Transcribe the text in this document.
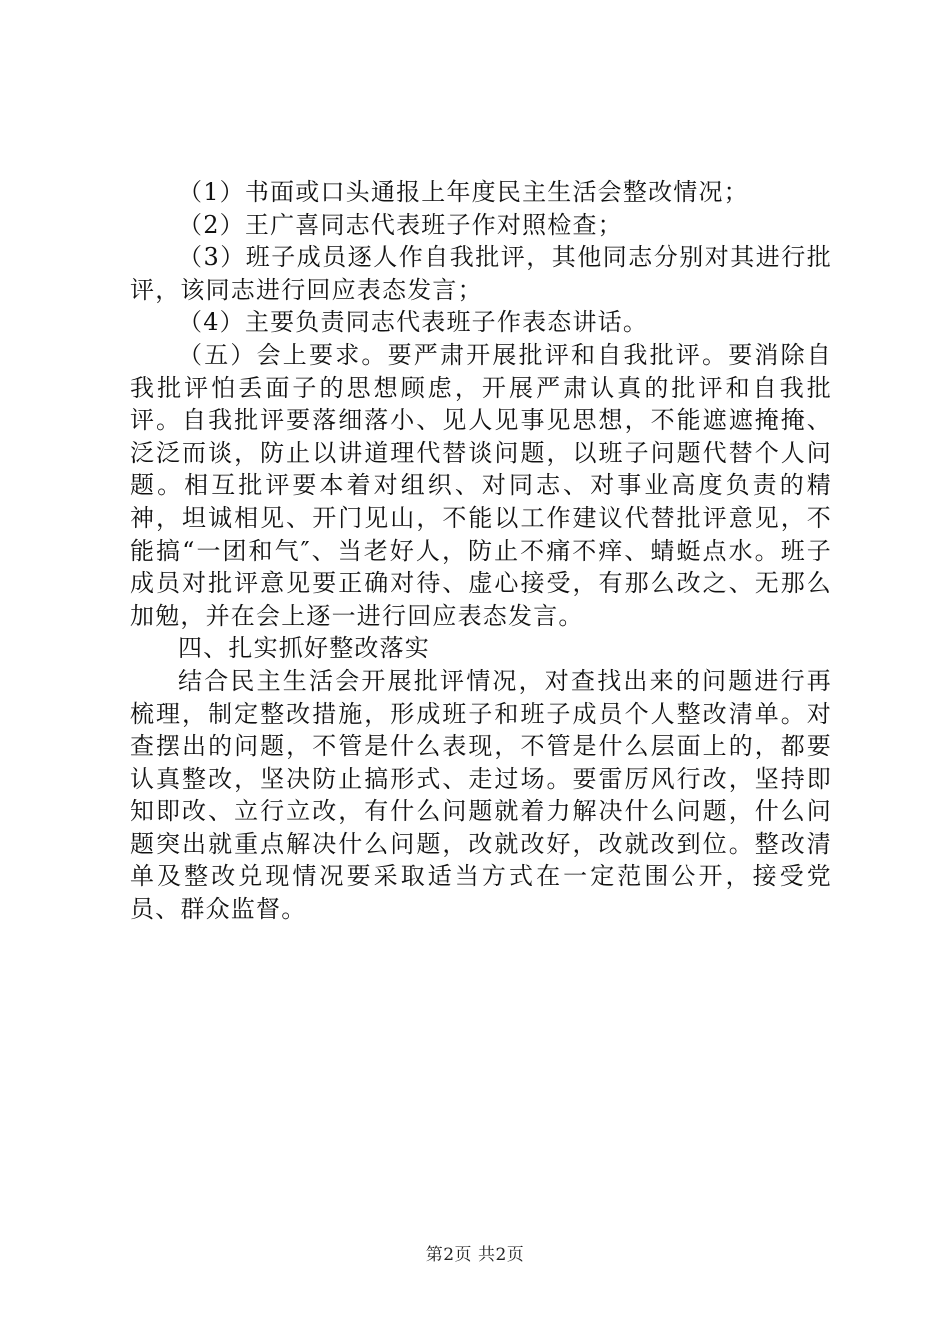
（1）书面或口头通报上年度民主生活会整改情况；

（2）王广喜同志代表班子作对照检查；

（3）班子成员逐人作自我批评，其他同志分别对其进行批评，该同志进行回应表态发言；

（4）主要负责同志代表班子作表态讲话。

（五）会上要求。要严肃开展批评和自我批评。要消除自我批评怕丢面子的思想顾虑，开展严肃认真的批评和自我批评。自我批评要落细落小、见人见事见思想，不能遮遮掩掩、泛泛而谈，防止以讲道理代替谈问题，以班子问题代替个人问题。相互批评要本着对组织、对同志、对事业高度负责的精神，坦诚相见、开门见山，不能以工作建议代替批评意见，不能搞“一团和气″、当老好人，防止不痛不痒、蜻蜓点水。班子成员对批评意见要正确对待、虚心接受，有那么改之、无那么加勉，并在会上逐一进行回应表态发言。

四、扎实抓好整改落实

结合民主生活会开展批评情况，对查找出来的问题进行再梳理，制定整改措施，形成班子和班子成员个人整改清单。对查摆出的问题，不管是什么表现，不管是什么层面上的，都要认真整改，坚决防止搞形式、走过场。要雷厉风行改，坚持即知即改、立行立改，有什么问题就着力解决什么问题，什么问题突出就重点解决什么问题，改就改好，改就改到位。整改清单及整改兑现情况要采取适当方式在一定范围公开，接受党员、群众监督。

第2页 共2页
